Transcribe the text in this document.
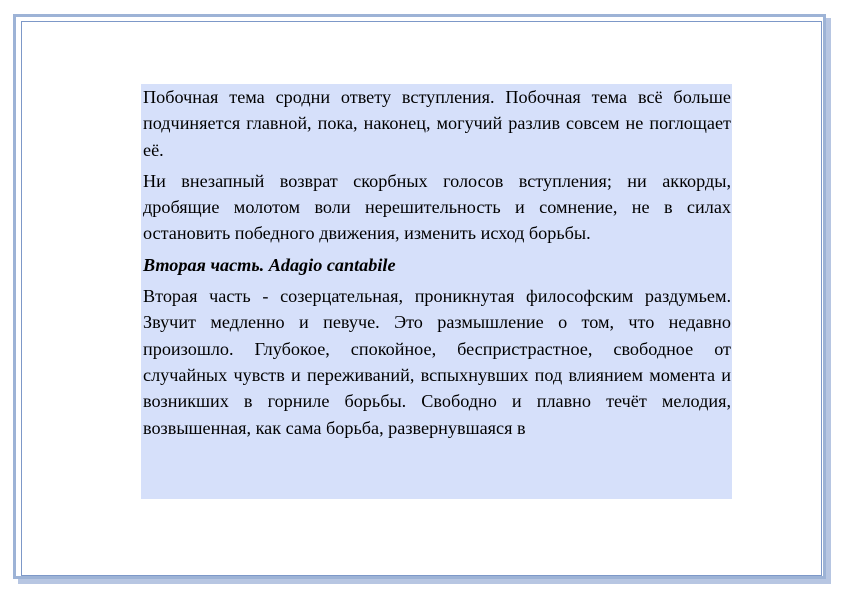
Побочная тема сродни ответу вступления. Побочная тема всё больше подчиняется главной, пока, наконец, могучий разлив совсем не поглощает её.

Ни внезапный возврат скорбных голосов вступления; ни аккорды, дробящие молотом воли нерешительность и сомнение, не в силах остановить победного движения, изменить исход борьбы.

Вторая часть. Adagio cantabile

Вторая часть - созерцательная, проникнутая философским раздумьем. Звучит медленно и певуче. Это размышление о том, что недавно произошло. Глубокое, спокойное, беспристрастное, свободное от случайных чувств и переживаний, вспыхнувших под влиянием момента и возникших в горниле борьбы. Свободно и плавно течёт мелодия, возвышенная, как сама борьба, развернувшаяся в
